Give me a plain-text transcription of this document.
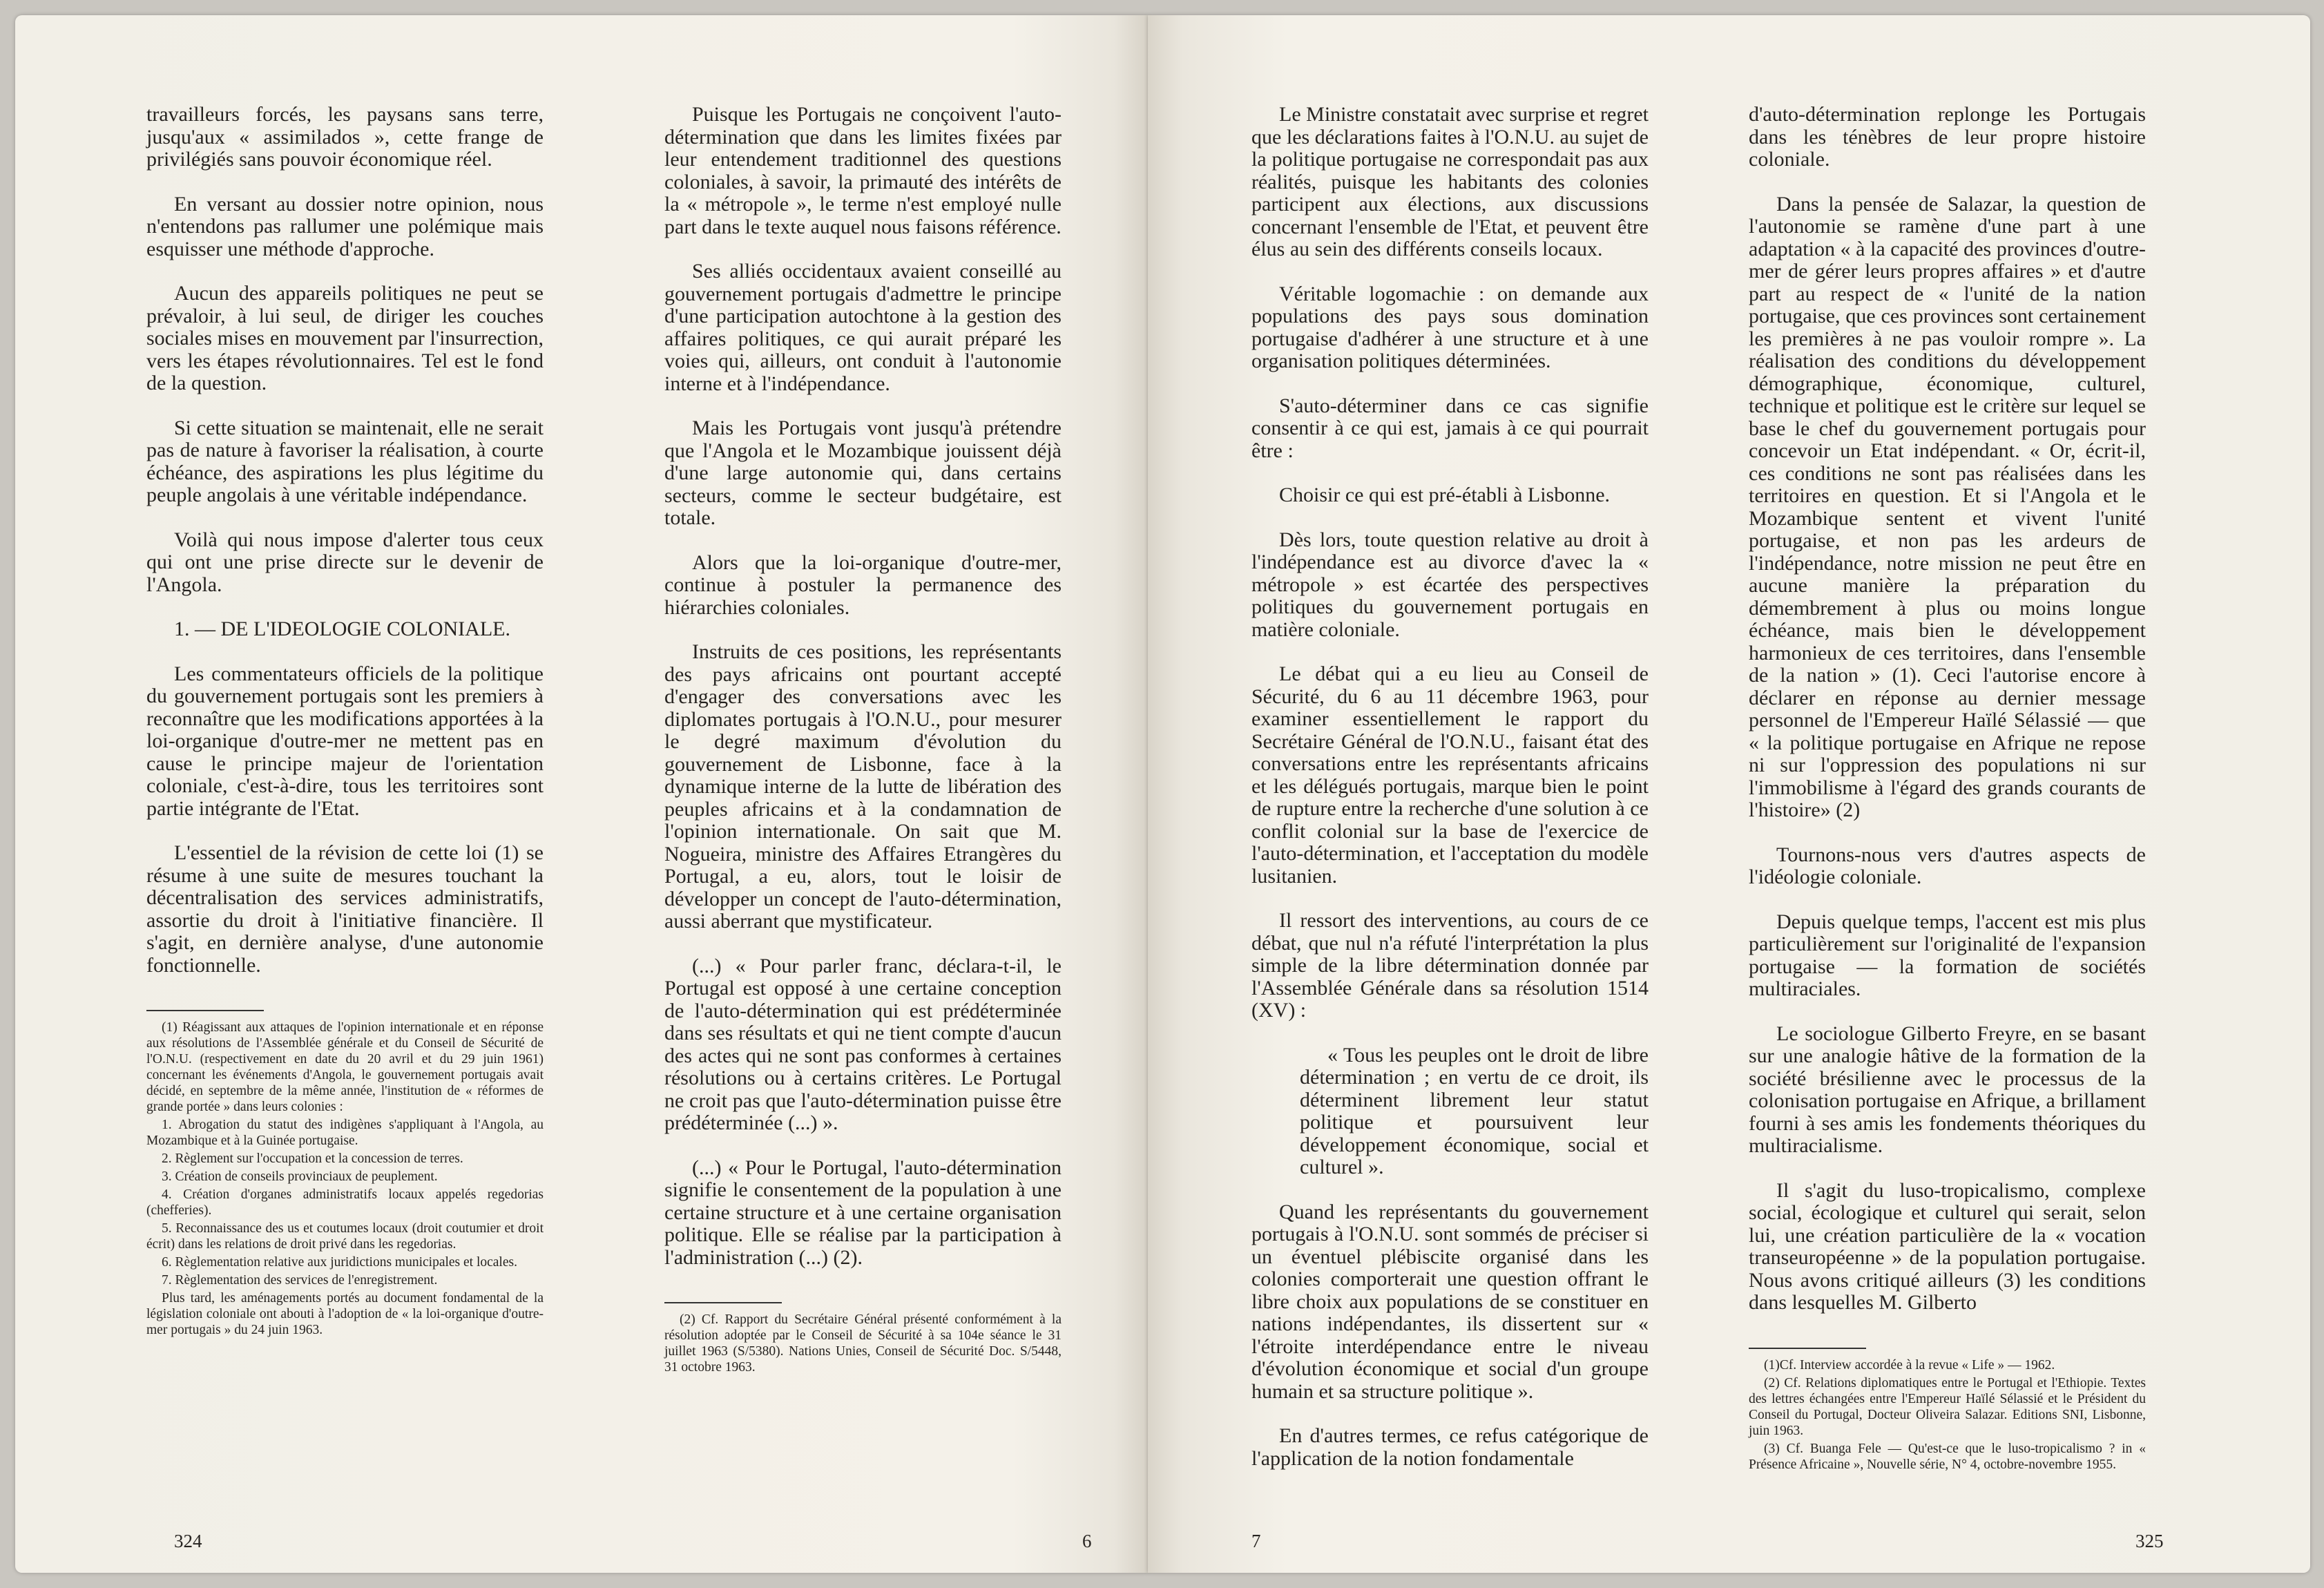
travailleurs forcés, les paysans sans terre, jusqu'aux « assimilados », cette frange de privilégiés sans pouvoir économique réel.

En versant au dossier notre opinion, nous n'entendons pas rallumer une polémique mais esquisser une méthode d'approche.

Aucun des appareils politiques ne peut se prévaloir, à lui seul, de diriger les couches sociales mises en mouvement par l'insurrection, vers les étapes révolutionnaires. Tel est le fond de la question.

Si cette situation se maintenait, elle ne serait pas de nature à favoriser la réalisation, à courte échéance, des aspirations les plus légitime du peuple angolais à une véritable indépendance.

Voilà qui nous impose d'alerter tous ceux qui ont une prise directe sur le devenir de l'Angola.

1. — DE L'IDEOLOGIE COLONIALE.

Les commentateurs officiels de la politique du gouvernement portugais sont les premiers à reconnaître que les modifications apportées à la loi-organique d'outre-mer ne mettent pas en cause le principe majeur de l'orientation coloniale, c'est-à-dire, tous les territoires sont partie intégrante de l'Etat.

L'essentiel de la révision de cette loi (1) se résume à une suite de mesures touchant la décentralisation des services administratifs, assortie du droit à l'initiative financière. Il s'agit, en dernière analyse, d'une autonomie fonctionnelle.

(1) Réagissant aux attaques de l'opinion internationale et en réponse aux résolutions de l'Assemblée générale et du Conseil de Sécurité de l'O.N.U. (respectivement en date du 20 avril et du 29 juin 1961) concernant les événements d'Angola, le gouvernement portugais avait décidé, en septembre de la même année, l'institution de « réformes de grande portée » dans leurs colonies :
1. Abrogation du statut des indigènes s'appliquant à l'Angola, au Mozambique et à la Guinée portugaise.
2. Règlement sur l'occupation et la concession de terres.
3. Création de conseils provinciaux de peuplement.
4. Création d'organes administratifs locaux appelés regedorias (chefferies).
5. Reconnaissance des us et coutumes locaux (droit coutumier et droit écrit) dans les relations de droit privé dans les regedorias.
6. Règlementation relative aux juridictions municipales et locales.
7. Règlementation des services de l'enregistrement.
Plus tard, les aménagements portés au document fondamental de la législation coloniale ont abouti à l'adoption de « la loi-organique d'outre-mer portugais » du 24 juin 1963.
324

Puisque les Portugais ne conçoivent l'auto-détermination que dans les limites fixées par leur entendement traditionnel des questions coloniales, à savoir, la primauté des intérêts de la « métropole », le terme n'est employé nulle part dans le texte auquel nous faisons référence.

Ses alliés occidentaux avaient conseillé au gouvernement portugais d'admettre le principe d'une participation autochtone à la gestion des affaires politiques, ce qui aurait préparé les voies qui, ailleurs, ont conduit à l'autonomie interne et à l'indépendance.

Mais les Portugais vont jusqu'à prétendre que l'Angola et le Mozambique jouissent déjà d'une large autonomie qui, dans certains secteurs, comme le secteur budgétaire, est totale.

Alors que la loi-organique d'outre-mer, continue à postuler la permanence des hiérarchies coloniales.

Instruits de ces positions, les représentants des pays africains ont pourtant accepté d'engager des conversations avec les diplomates portugais à l'O.N.U., pour mesurer le degré maximum d'évolution du gouvernement de Lisbonne, face à la dynamique interne de la lutte de libération des peuples africains et à la condamnation de l'opinion internationale. On sait que M. Nogueira, ministre des Affaires Etrangères du Portugal, a eu, alors, tout le loisir de développer un concept de l'auto-détermination, aussi aberrant que mystificateur.

(...) « Pour parler franc, déclara-t-il, le Portugal est opposé à une certaine conception de l'auto-détermination qui est prédéterminée dans ses résultats et qui ne tient compte d'aucun des actes qui ne sont pas conformes à certaines résolutions ou à certains critères. Le Portugal ne croit pas que l'auto-détermination puisse être prédéterminée (...) ».

(...) « Pour le Portugal, l'auto-détermination signifie le consentement de la population à une certaine structure et à une certaine organisation politique. Elle se réalise par la participation à l'administration (...) (2).

(2) Cf. Rapport du Secrétaire Général présenté conformément à la résolution adoptée par le Conseil de Sécurité à sa 104e séance le 31 juillet 1963 (S/5380). Nations Unies, Conseil de Sécurité Doc. S/5448, 31 octobre 1963.
6

Le Ministre constatait avec surprise et regret que les déclarations faites à l'O.N.U. au sujet de la politique portugaise ne correspondait pas aux réalités, puisque les habitants des colonies participent aux élections, aux discussions concernant l'ensemble de l'Etat, et peuvent être élus au sein des différents conseils locaux.

Véritable logomachie : on demande aux populations des pays sous domination portugaise d'adhérer à une structure et à une organisation politiques déterminées.

S'auto-déterminer dans ce cas signifie consentir à ce qui est, jamais à ce qui pourrait être :

Choisir ce qui est pré-établi à Lisbonne.

Dès lors, toute question relative au droit à l'indépendance est au divorce d'avec la « métropole » est écartée des perspectives politiques du gouvernement portugais en matière coloniale.

Le débat qui a eu lieu au Conseil de Sécurité, du 6 au 11 décembre 1963, pour examiner essentiellement le rapport du Secrétaire Général de l'O.N.U., faisant état des conversations entre les représentants africains et les délégués portugais, marque bien le point de rupture entre la recherche d'une solution à ce conflit colonial sur la base de l'exercice de l'auto-détermination, et l'acceptation du modèle lusitanien.

Il ressort des interventions, au cours de ce débat, que nul n'a réfuté l'interprétation la plus simple de la libre détermination donnée par l'Assemblée Générale dans sa résolution 1514 (XV) :

« Tous les peuples ont le droit de libre détermination ; en vertu de ce droit, ils déterminent librement leur statut politique et poursuivent leur développement économique, social et culturel ».

Quand les représentants du gouvernement portugais à l'O.N.U. sont sommés de préciser si un éventuel plébiscite organisé dans les colonies comporterait une question offrant le libre choix aux populations de se constituer en nations indépendantes, ils dissertent sur « l'étroite interdépendance entre le niveau d'évolution économique et social d'un groupe humain et sa structure politique ».

En d'autres termes, ce refus catégorique de l'application de la notion fondamentale

7

d'auto-détermination replonge les Portugais dans les ténèbres de leur propre histoire coloniale.

Dans la pensée de Salazar, la question de l'autonomie se ramène d'une part à une adaptation « à la capacité des provinces d'outre-mer de gérer leurs propres affaires » et d'autre part au respect de « l'unité de la nation portugaise, que ces provinces sont certainement les premières à ne pas vouloir rompre ». La réalisation des conditions du développement démographique, économique, culturel, technique et politique est le critère sur lequel se base le chef du gouvernement portugais pour concevoir un Etat indépendant. « Or, écrit-il, ces conditions ne sont pas réalisées dans les territoires en question. Et si l'Angola et le Mozambique sentent et vivent l'unité portugaise, et non pas les ardeurs de l'indépendance, notre mission ne peut être en aucune manière la préparation du démembrement à plus ou moins longue échéance, mais bien le développement harmonieux de ces territoires, dans l'ensemble de la nation » (1). Ceci l'autorise encore à déclarer en réponse au dernier message personnel de l'Empereur Haïlé Sélassié — que « la politique portugaise en Afrique ne repose ni sur l'oppression des populations ni sur l'immobilisme à l'égard des grands courants de l'histoire» (2)

Tournons-nous vers d'autres aspects de l'idéologie coloniale.

Depuis quelque temps, l'accent est mis plus particulièrement sur l'originalité de l'expansion portugaise — la formation de sociétés multiraciales.

Le sociologue Gilberto Freyre, en se basant sur une analogie hâtive de la formation de la société brésilienne avec le processus de la colonisation portugaise en Afrique, a brillament fourni à ses amis les fondements théoriques du multiracialisme.

Il s'agit du luso-tropicalismo, complexe social, écologique et culturel qui serait, selon lui, une création particulière de la « vocation transeuropéenne » de la population portugaise. Nous avons critiqué ailleurs (3) les conditions dans lesquelles M. Gilberto

(1)Cf. Interview accordée à la revue « Life » — 1962.
(2) Cf. Relations diplomatiques entre le Portugal et l'Ethiopie. Textes des lettres échangées entre l'Empereur Haïlé Sélassié et le Président du Conseil du Portugal, Docteur Oliveira Salazar. Editions SNI, Lisbonne, juin 1963.
(3) Cf. Buanga Fele — Qu'est-ce que le luso-tropicalismo ? in « Présence Africaine », Nouvelle série, N° 4, octobre-novembre 1955.
325
